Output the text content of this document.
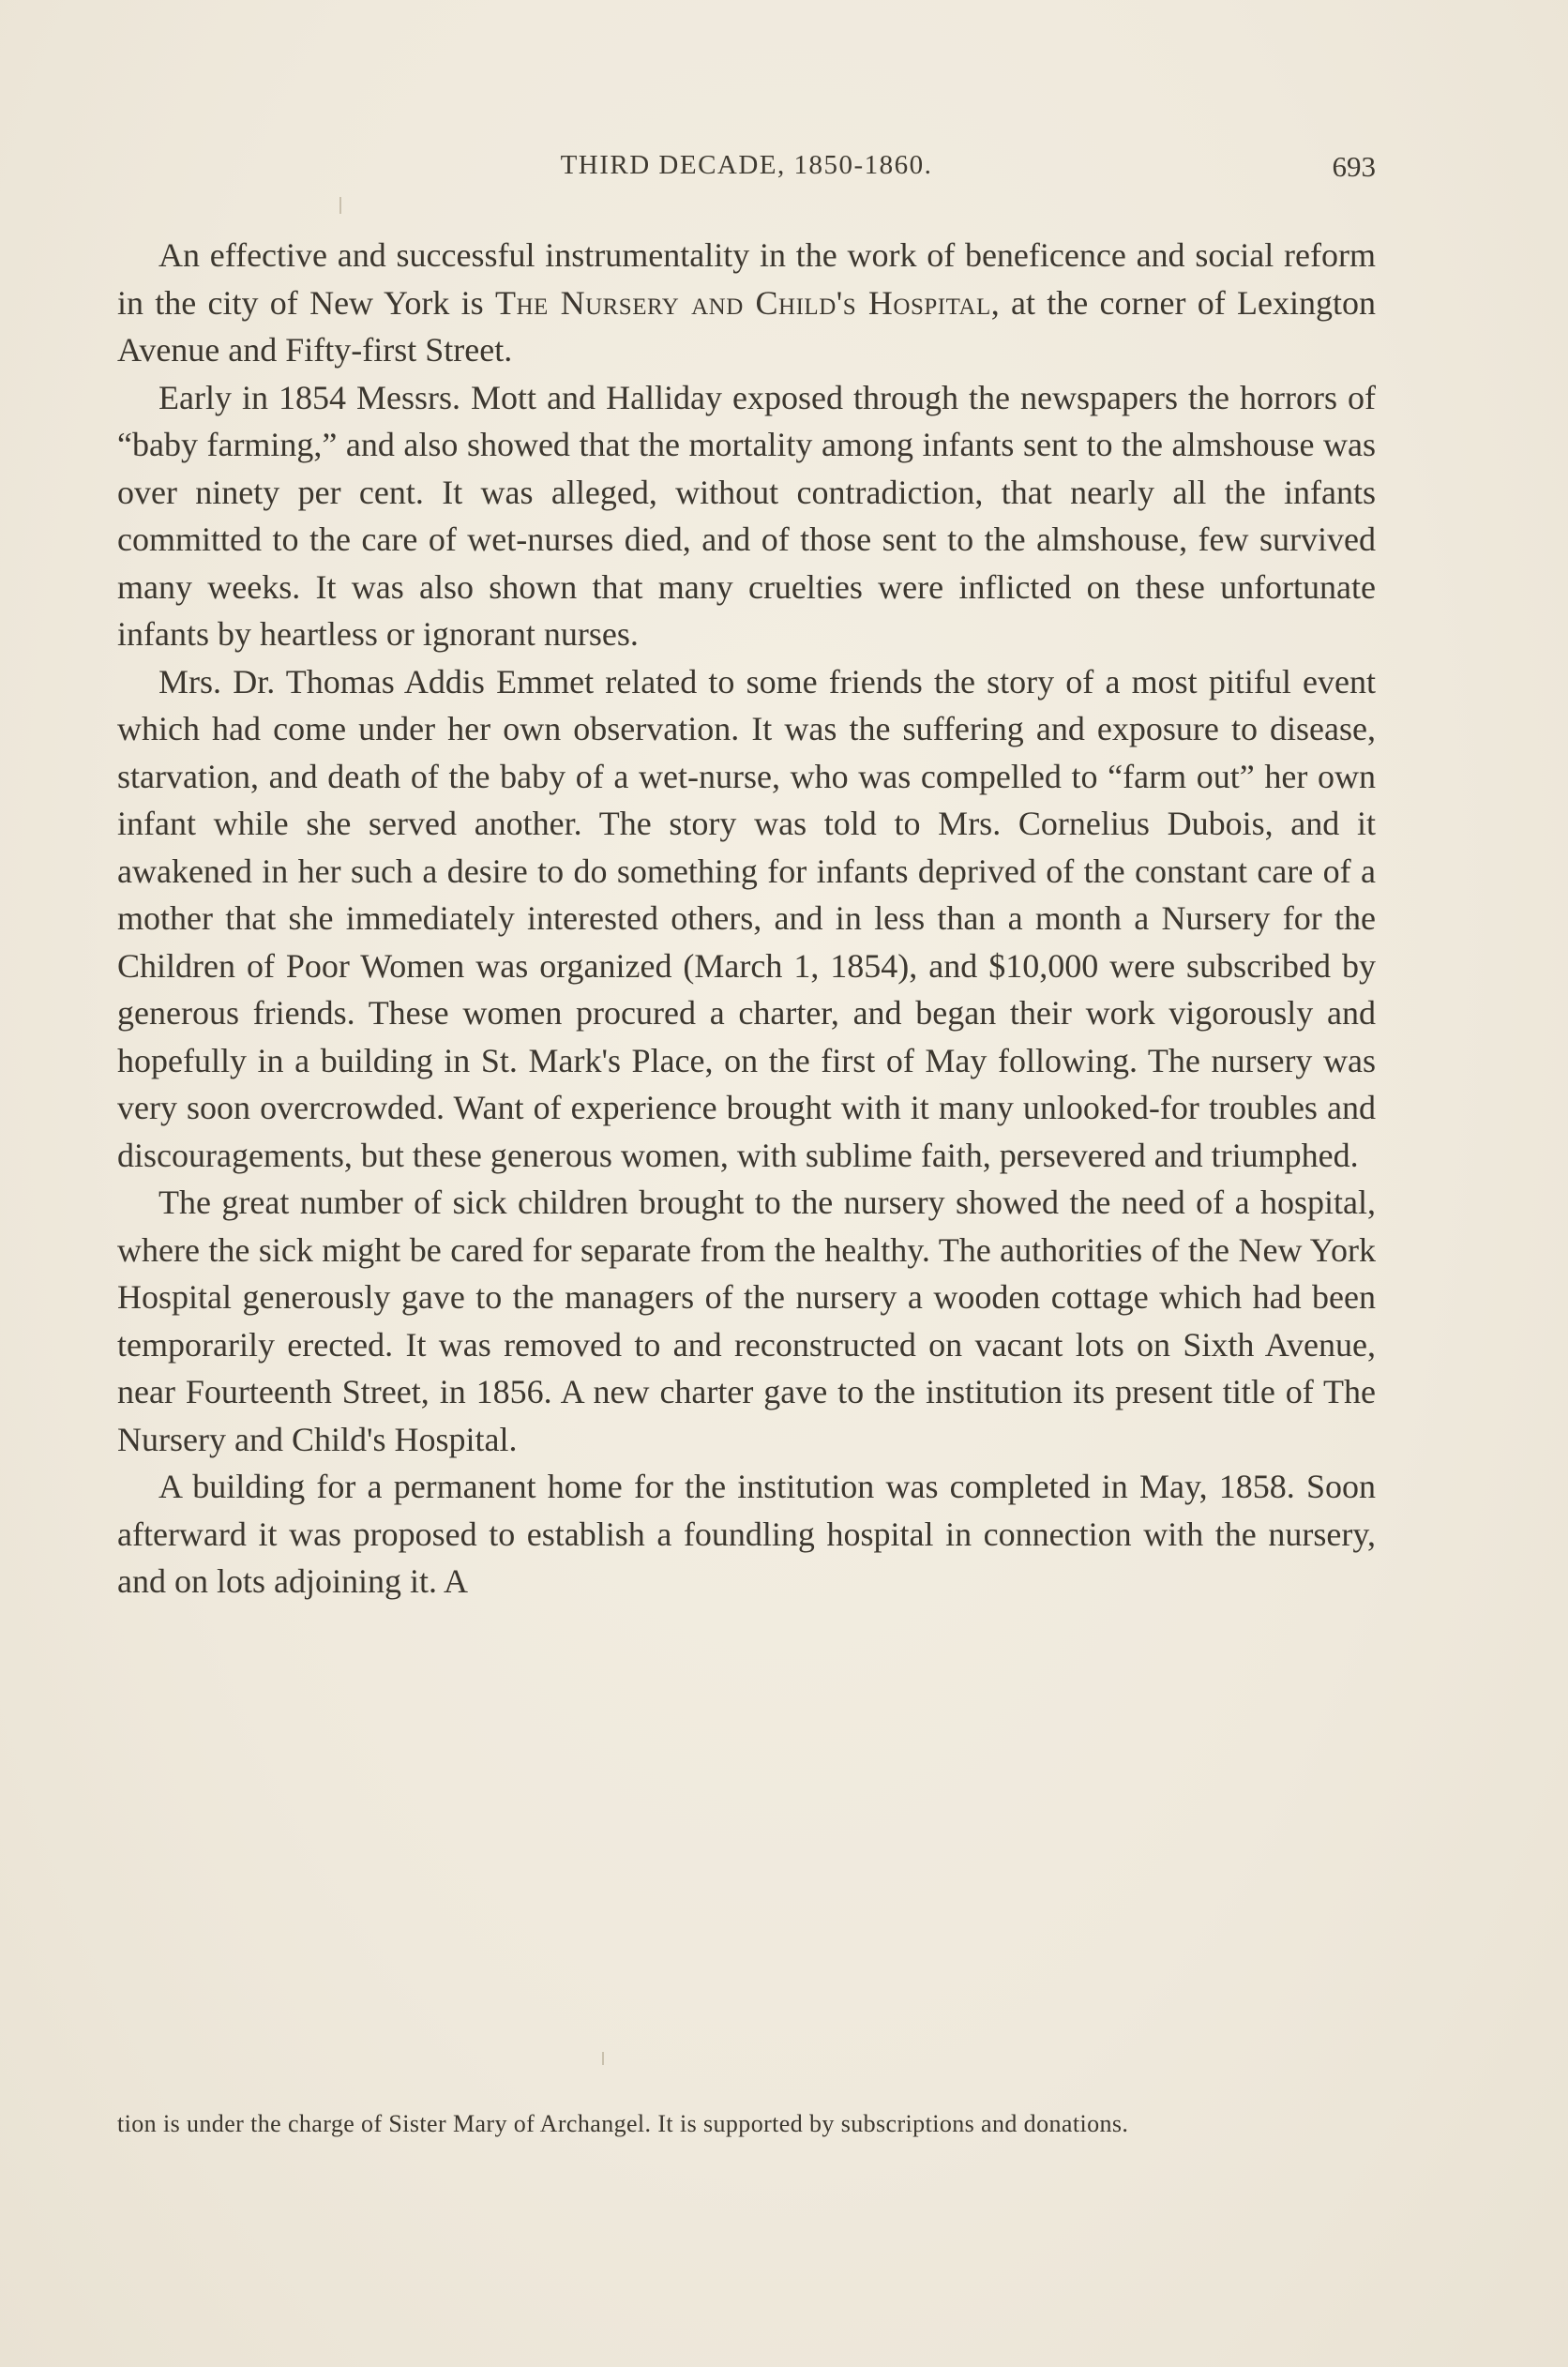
THIRD DECADE, 1850-1860.	693

An effective and successful instrumentality in the work of beneficence and social reform in the city of New York is The Nursery and Child's Hospital, at the corner of Lexington Avenue and Fifty-first Street.

Early in 1854 Messrs. Mott and Halliday exposed through the newspapers the horrors of “baby farming,” and also showed that the mortality among infants sent to the almshouse was over ninety per cent. It was alleged, without contradiction, that nearly all the infants committed to the care of wet-nurses died, and of those sent to the almshouse, few survived many weeks. It was also shown that many cruelties were inflicted on these unfortunate infants by heartless or ignorant nurses.

Mrs. Dr. Thomas Addis Emmet related to some friends the story of a most pitiful event which had come under her own observation. It was the suffering and exposure to disease, starvation, and death of the baby of a wet-nurse, who was compelled to “farm out” her own infant while she served another. The story was told to Mrs. Cornelius Dubois, and it awakened in her such a desire to do something for infants deprived of the constant care of a mother that she immediately interested others, and in less than a month a Nursery for the Children of Poor Women was organized (March 1, 1854), and $10,000 were subscribed by generous friends. These women procured a charter, and began their work vigorously and hopefully in a building in St. Mark's Place, on the first of May following. The nursery was very soon overcrowded. Want of experience brought with it many unlooked-for troubles and discouragements, but these generous women, with sublime faith, persevered and triumphed.

The great number of sick children brought to the nursery showed the need of a hospital, where the sick might be cared for separate from the healthy. The authorities of the New York Hospital generously gave to the managers of the nursery a wooden cottage which had been temporarily erected. It was removed to and reconstructed on vacant lots on Sixth Avenue, near Fourteenth Street, in 1856. A new charter gave to the institution its present title of The Nursery and Child's Hospital.

A building for a permanent home for the institution was completed in May, 1858. Soon afterward it was proposed to establish a foundling hospital in connection with the nursery, and on lots adjoining it. A

tion is under the charge of Sister Mary of Archangel. It is supported by subscriptions and donations.
